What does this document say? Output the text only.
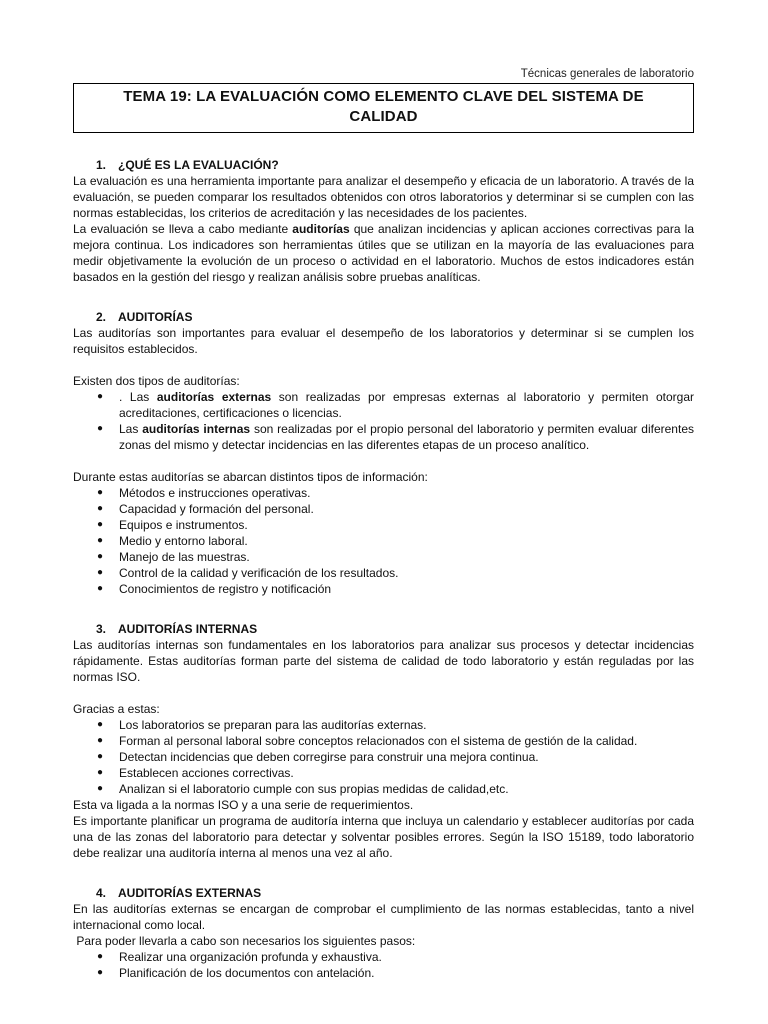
Técnicas generales de laboratorio
TEMA 19: LA EVALUACIÓN COMO ELEMENTO CLAVE DEL SISTEMA DE
CALIDAD
1. ¿QUÉ ES LA EVALUACIÓN?

La evaluación es una herramienta importante para analizar el desempeño y eficacia de un laboratorio. A través de la evaluación, se pueden comparar los resultados obtenidos con otros laboratorios y determinar si se cumplen con las normas establecidas, los criterios de acreditación y las necesidades de los pacientes.

La evaluación se lleva a cabo mediante auditorías que analizan incidencias y aplican acciones correctivas para la mejora continua. Los indicadores son herramientas útiles que se utilizan en la mayoría de las evaluaciones para medir objetivamente la evolución de un proceso o actividad en el laboratorio. Muchos de estos indicadores están basados en la gestión del riesgo y realizan análisis sobre pruebas analíticas.

2. AUDITORÍAS

Las auditorías son importantes para evaluar el desempeño de los laboratorios y determinar si se cumplen los requisitos establecidos.

Existen dos tipos de auditorías:

● . Las auditorías externas son realizadas por empresas externas al laboratorio y permiten otorgar acreditaciones, certificaciones o licencias.
● Las auditorías internas son realizadas por el propio personal del laboratorio y permiten evaluar diferentes zonas del mismo y detectar incidencias en las diferentes etapas de un proceso analítico.

Durante estas auditorías se abarcan distintos tipos de información:

● Métodos e instrucciones operativas.
● Capacidad y formación del personal.
● Equipos e instrumentos.
● Medio y entorno laboral.
● Manejo de las muestras.
● Control de la calidad y verificación de los resultados.
● Conocimientos de registro y notificación
3. AUDITORÍAS INTERNAS

Las auditorías internas son fundamentales en los laboratorios para analizar sus procesos y detectar incidencias rápidamente. Estas auditorías forman parte del sistema de calidad de todo laboratorio y están reguladas por las normas ISO.

Gracias a estas:

● Los laboratorios se preparan para las auditorías externas.
● Forman al personal laboral sobre conceptos relacionados con el sistema de gestión de la calidad.
● Detectan incidencias que deben corregirse para construir una mejora continua.
● Establecen acciones correctivas.
● Analizan si el laboratorio cumple con sus propias medidas de calidad,etc.

Esta va ligada a la normas ISO y a una serie de requerimientos.

Es importante planificar un programa de auditoría interna que incluya un calendario y establecer auditorías por cada una de las zonas del laboratorio para detectar y solventar posibles errores. Según la ISO 15189, todo laboratorio debe realizar una auditoría interna al menos una vez al año.

4. AUDITORÍAS EXTERNAS

En las auditorías externas se encargan de comprobar el cumplimiento de las normas establecidas, tanto a nivel internacional como local.

Para poder llevarla a cabo son necesarios los siguientes pasos:

● Realizar una organización profunda y exhaustiva.
● Planificación de los documentos con antelación.
